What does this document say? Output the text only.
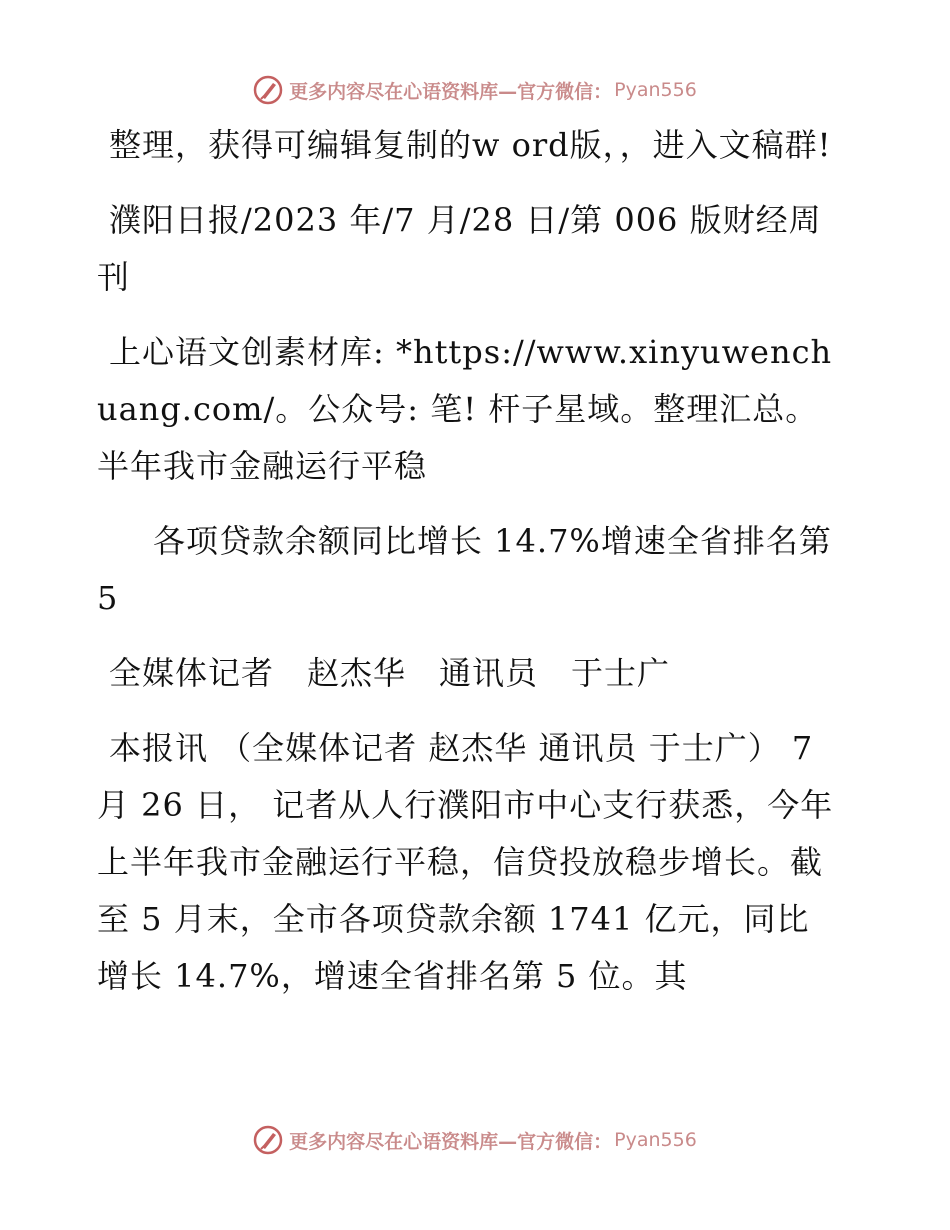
更多内容尽在心语资料库—官方微信： Pyan556

整理，获得可编辑复制的w ord版，，进入文稿群!

濮阳日报/2023 年/7 月/28 日/第 006 版财经周刊

上心语文创素材库: *https://www.xinyuwenchuang.com/。公众号: 笔! 杆子星域。整理汇总。半年我市金融运行平稳

各项贷款余额同比增长 14.7%增速全省排名第5

全媒体记者　赵杰华　通讯员　于士广

本报讯 （全媒体记者 赵杰华 通讯员 于士广） 7 月 26 日， 记者从人行濮阳市中心支行获悉，今年上半年我市金融运行平稳，信贷投放稳步增长。截至 5 月末，全市各项贷款余额 1741 亿元，同比增长 14.7%，增速全省排名第 5 位。其

更多内容尽在心语资料库—官方微信： Pyan556
